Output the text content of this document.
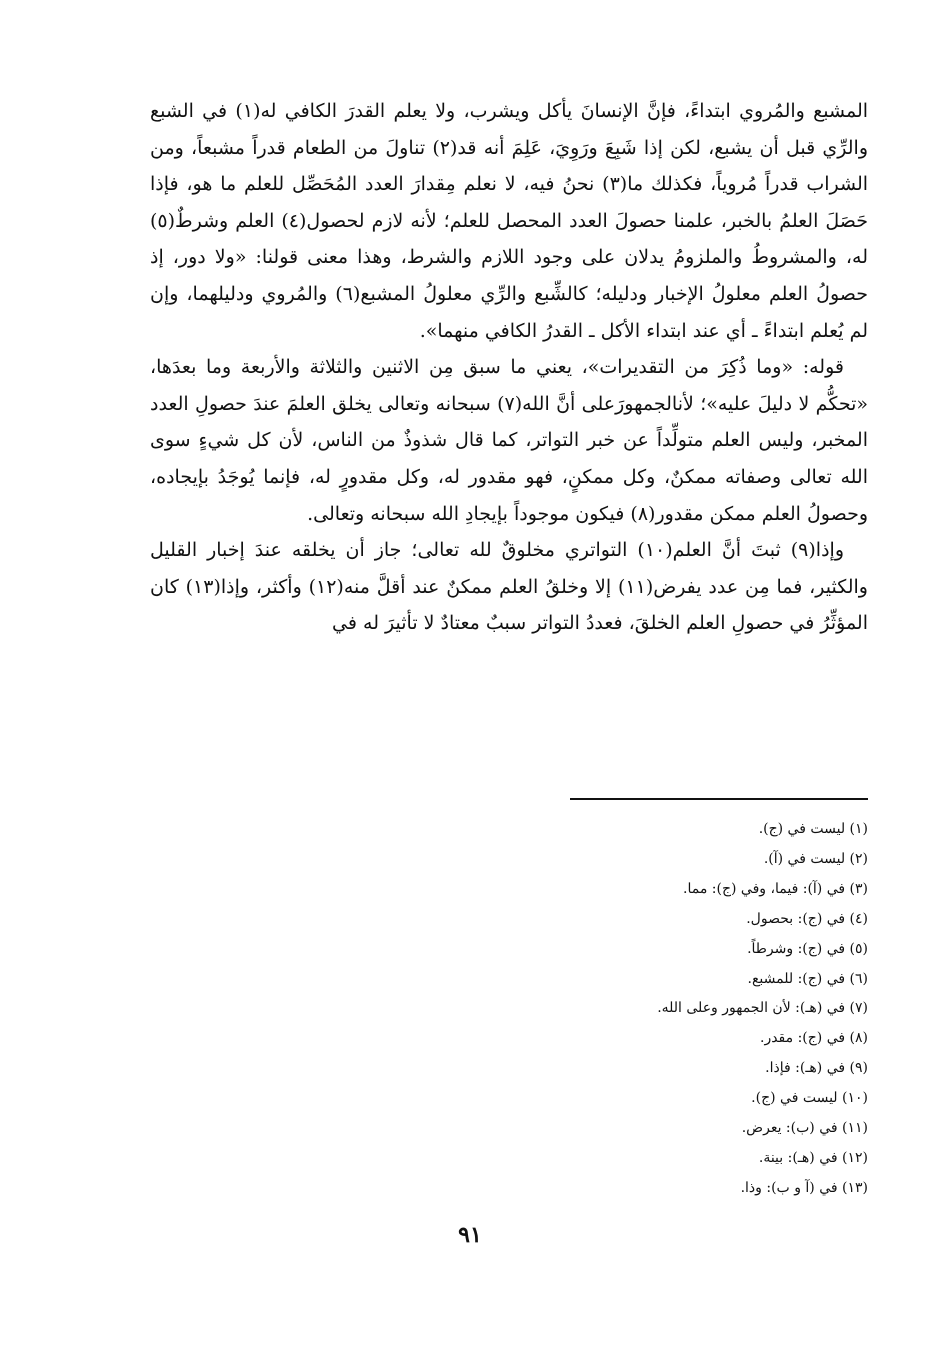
المشبع والمُروي ابتداءً، فإنَّ الإنسانَ يأكل ويشرب، ولا يعلم القدرَ الكافي له(١) في الشبع والرِّي قبل أن يشبع، لكن إذا شَبِعَ ورَوِيَ، عَلِمَ أنه قد(٢) تناولَ من الطعام قدراً مشبعاً، ومن الشراب قدراً مُروياً، فكذلك ما(٣) نحنُ فيه، لا نعلم مِقدارَ العدد المُحَصِّل للعلم ما هو، فإذا حَصَلَ العلمُ بالخبر، علمنا حصولَ العدد المحصل للعلم؛ لأنه لازم لحصول(٤) العلم وشرطٌ(٥) له، والمشروطُ والملزومُ يدلان على وجود اللازم والشرط، وهذا معنى قولنا: «ولا دور، إذ حصولُ العلم معلولُ الإخبار ودليله؛ كالشِّبع والرِّي معلولُ المشبع(٦) والمُروي ودليلهما، وإن لم يُعلم ابتداءً ـ أي عند ابتداء الأكل ـ القدرُ الكافي منهما».

قوله: «وما ذُكِرَ من التقديرات»، يعني ما سبق مِن الاثنين والثلاثة والأربعة وما بعدَها، «تحكُّم لا دليلَ عليه»؛ لأنالجمهورَعلى أنَّ الله(٧) سبحانه وتعالى يخلق العلمَ عندَ حصولِ العدد المخبر، وليس العلم متولِّداً عن خبر التواتر، كما قال شذوذٌ من الناس، لأن كل شيءٍ سوى الله تعالى وصفاته ممكنٌ، وكل ممكنٍ، فهو مقدور له، وكل مقدورٍ له، فإنما يُوجَدُ بإيجاده، وحصولُ العلم ممكن مقدور(٨) فيكون موجوداً بإيجادِ الله سبحانه وتعالى.

وإذا(٩) ثبتَ أنَّ العلم(١٠) التواتري مخلوقٌ لله تعالى؛ جاز أن يخلقه عندَ إخبار القليل والكثير، فما مِن عدد يفرض(١١) إلا وخلقُ العلم ممكنٌ عند أقلَّ منه(١٢) وأكثر، وإذا(١٣) كان المؤثِّرُ في حصولِ العلم الخلقَ، فعددُ التواتر سببٌ معتادٌ لا تأثيرَ له في

(١) ليست في (ج).
(٢) ليست في (آ).
(٣) في (آ): فيما، وفي (ج): مما.
(٤) في (ج): بحصول.
(٥) في (ج): وشرطاً.
(٦) في (ج): للمشبع.
(٧) في (هـ): لأن الجمهور وعلى الله.
(٨) في (ج): مقدر.
(٩) في (هـ): فإذا.
(١٠) ليست في (ج).
(١١) في (ب): يعرض.
(١٢) في (هـ): بينة.
(١٣) في (آ و ب): وذا.
٩١
